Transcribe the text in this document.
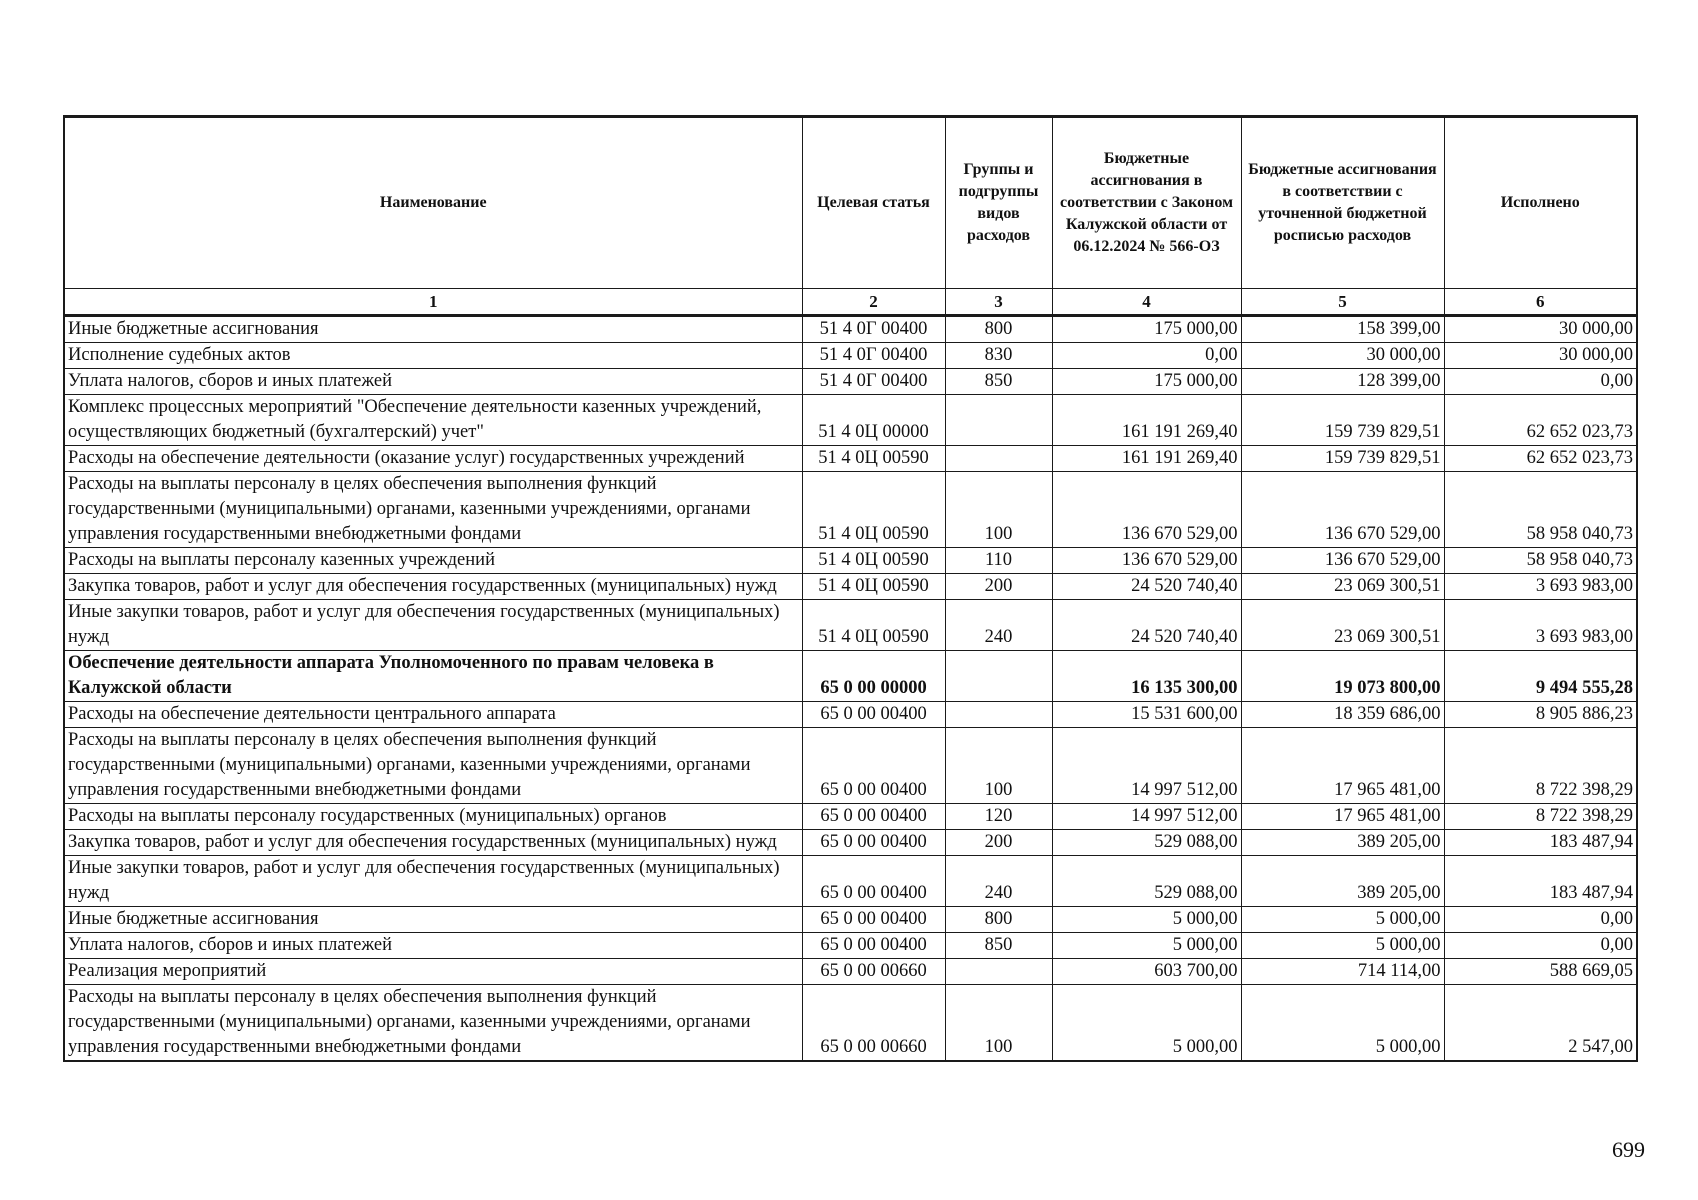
Наименование	Целевая статья	Группы и подгруппы видов расходов	Бюджетные ассигнования в соответствии с Законом Калужской области от 06.12.2024 № 566-ОЗ	Бюджетные ассигнования в соответствии с уточненной бюджетной росписью расходов	Исполнено
1	2	3	4	5	6
Иные бюджетные ассигнования	51 4 0Г 00400	800	175 000,00	158 399,00	30 000,00
Исполнение судебных актов	51 4 0Г 00400	830	0,00	30 000,00	30 000,00
Уплата налогов, сборов и иных платежей	51 4 0Г 00400	850	175 000,00	128 399,00	0,00
Комплекс процессных мероприятий "Обеспечение деятельности казенных учреждений, осуществляющих бюджетный (бухгалтерский) учет"	51 4 0Ц 00000		161 191 269,40	159 739 829,51	62 652 023,73
Расходы на обеспечение деятельности (оказание услуг) государственных учреждений	51 4 0Ц 00590		161 191 269,40	159 739 829,51	62 652 023,73
Расходы на выплаты персоналу в целях обеспечения выполнения функций государственными (муниципальными) органами, казенными учреждениями, органами управления государственными внебюджетными фондами	51 4 0Ц 00590	100	136 670 529,00	136 670 529,00	58 958 040,73
Расходы на выплаты персоналу казенных учреждений	51 4 0Ц 00590	110	136 670 529,00	136 670 529,00	58 958 040,73
Закупка товаров, работ и услуг для обеспечения государственных (муниципальных) нужд	51 4 0Ц 00590	200	24 520 740,40	23 069 300,51	3 693 983,00
Иные закупки товаров, работ и услуг для обеспечения государственных (муниципальных) нужд	51 4 0Ц 00590	240	24 520 740,40	23 069 300,51	3 693 983,00
Обеспечение деятельности аппарата Уполномоченного по правам человека в Калужской области	65 0 00 00000		16 135 300,00	19 073 800,00	9 494 555,28
Расходы на обеспечение деятельности центрального аппарата	65 0 00 00400		15 531 600,00	18 359 686,00	8 905 886,23
Расходы на выплаты персоналу в целях обеспечения выполнения функций государственными (муниципальными) органами, казенными учреждениями, органами управления государственными внебюджетными фондами	65 0 00 00400	100	14 997 512,00	17 965 481,00	8 722 398,29
Расходы на выплаты персоналу государственных (муниципальных) органов	65 0 00 00400	120	14 997 512,00	17 965 481,00	8 722 398,29
Закупка товаров, работ и услуг для обеспечения государственных (муниципальных) нужд	65 0 00 00400	200	529 088,00	389 205,00	183 487,94
Иные закупки товаров, работ и услуг для обеспечения государственных (муниципальных) нужд	65 0 00 00400	240	529 088,00	389 205,00	183 487,94
Иные бюджетные ассигнования	65 0 00 00400	800	5 000,00	5 000,00	0,00
Уплата налогов, сборов и иных платежей	65 0 00 00400	850	5 000,00	5 000,00	0,00
Реализация мероприятий	65 0 00 00660		603 700,00	714 114,00	588 669,05
Расходы на выплаты персоналу в целях обеспечения выполнения функций государственными (муниципальными) органами, казенными учреждениями, органами управления государственными внебюджетными фондами	65 0 00 00660	100	5 000,00	5 000,00	2 547,00
699
